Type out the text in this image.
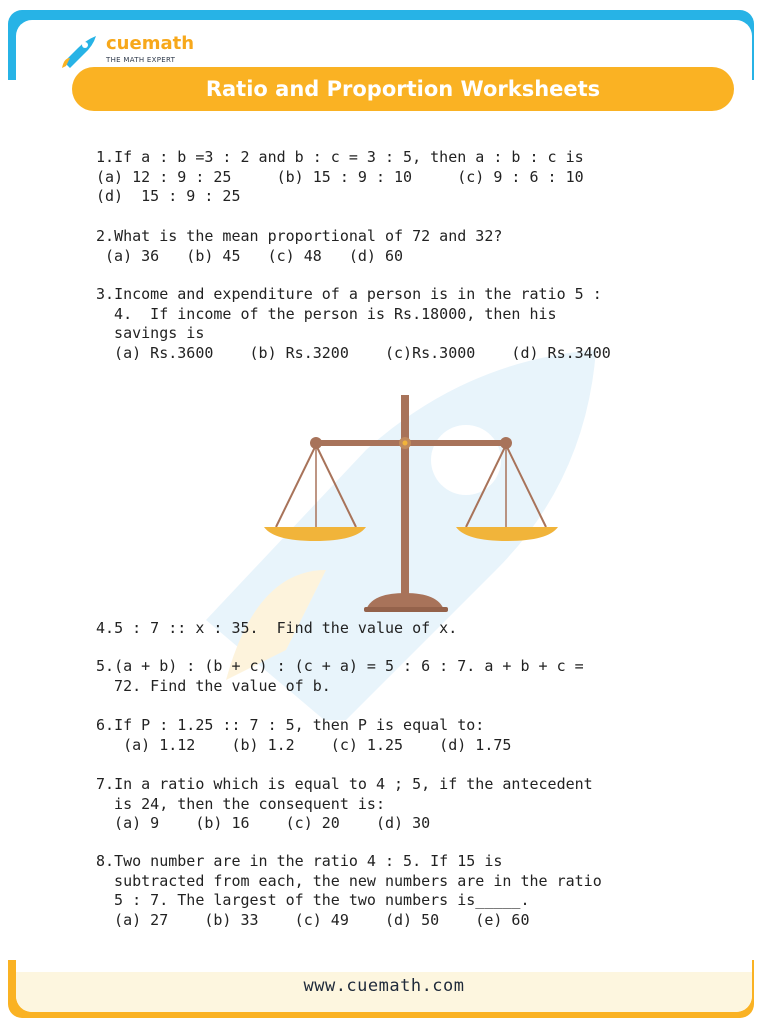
cuemath
THE MATH EXPERT
Ratio and Proportion Worksheets
1.If a : b =3 : 2 and b : c = 3 : 5, then a : b : c is
(a) 12 : 9 : 25     (b) 15 : 9 : 10     (c) 9 : 6 : 10
(d)  15 : 9 : 25
2.What is the mean proportional of 72 and 32?
(a) 36   (b) 45   (c) 48   (d) 60
3.Income and expenditure of a person is in the ratio 5 :
4.  If income of the person is Rs.18000, then his
savings is
(a) Rs.3600    (b) Rs.3200    (c)Rs.3000    (d) Rs.3400
4.5 : 7 :: x : 35.  Find the value of x.
5.(a + b) : (b + c) : (c + a) = 5 : 6 : 7. a + b + c =
72. Find the value of b.
6.If P : 1.25 :: 7 : 5, then P is equal to:
(a) 1.12    (b) 1.2    (c) 1.25    (d) 1.75
7.In a ratio which is equal to 4 ; 5, if the antecedent
is 24, then the consequent is:
(a) 9    (b) 16    (c) 20    (d) 30
8.Two number are in the ratio 4 : 5. If 15 is
subtracted from each, the new numbers are in the ratio
5 : 7. The largest of the two numbers is_____.
(a) 27    (b) 33    (c) 49    (d) 50    (e) 60
www.cuemath.com
